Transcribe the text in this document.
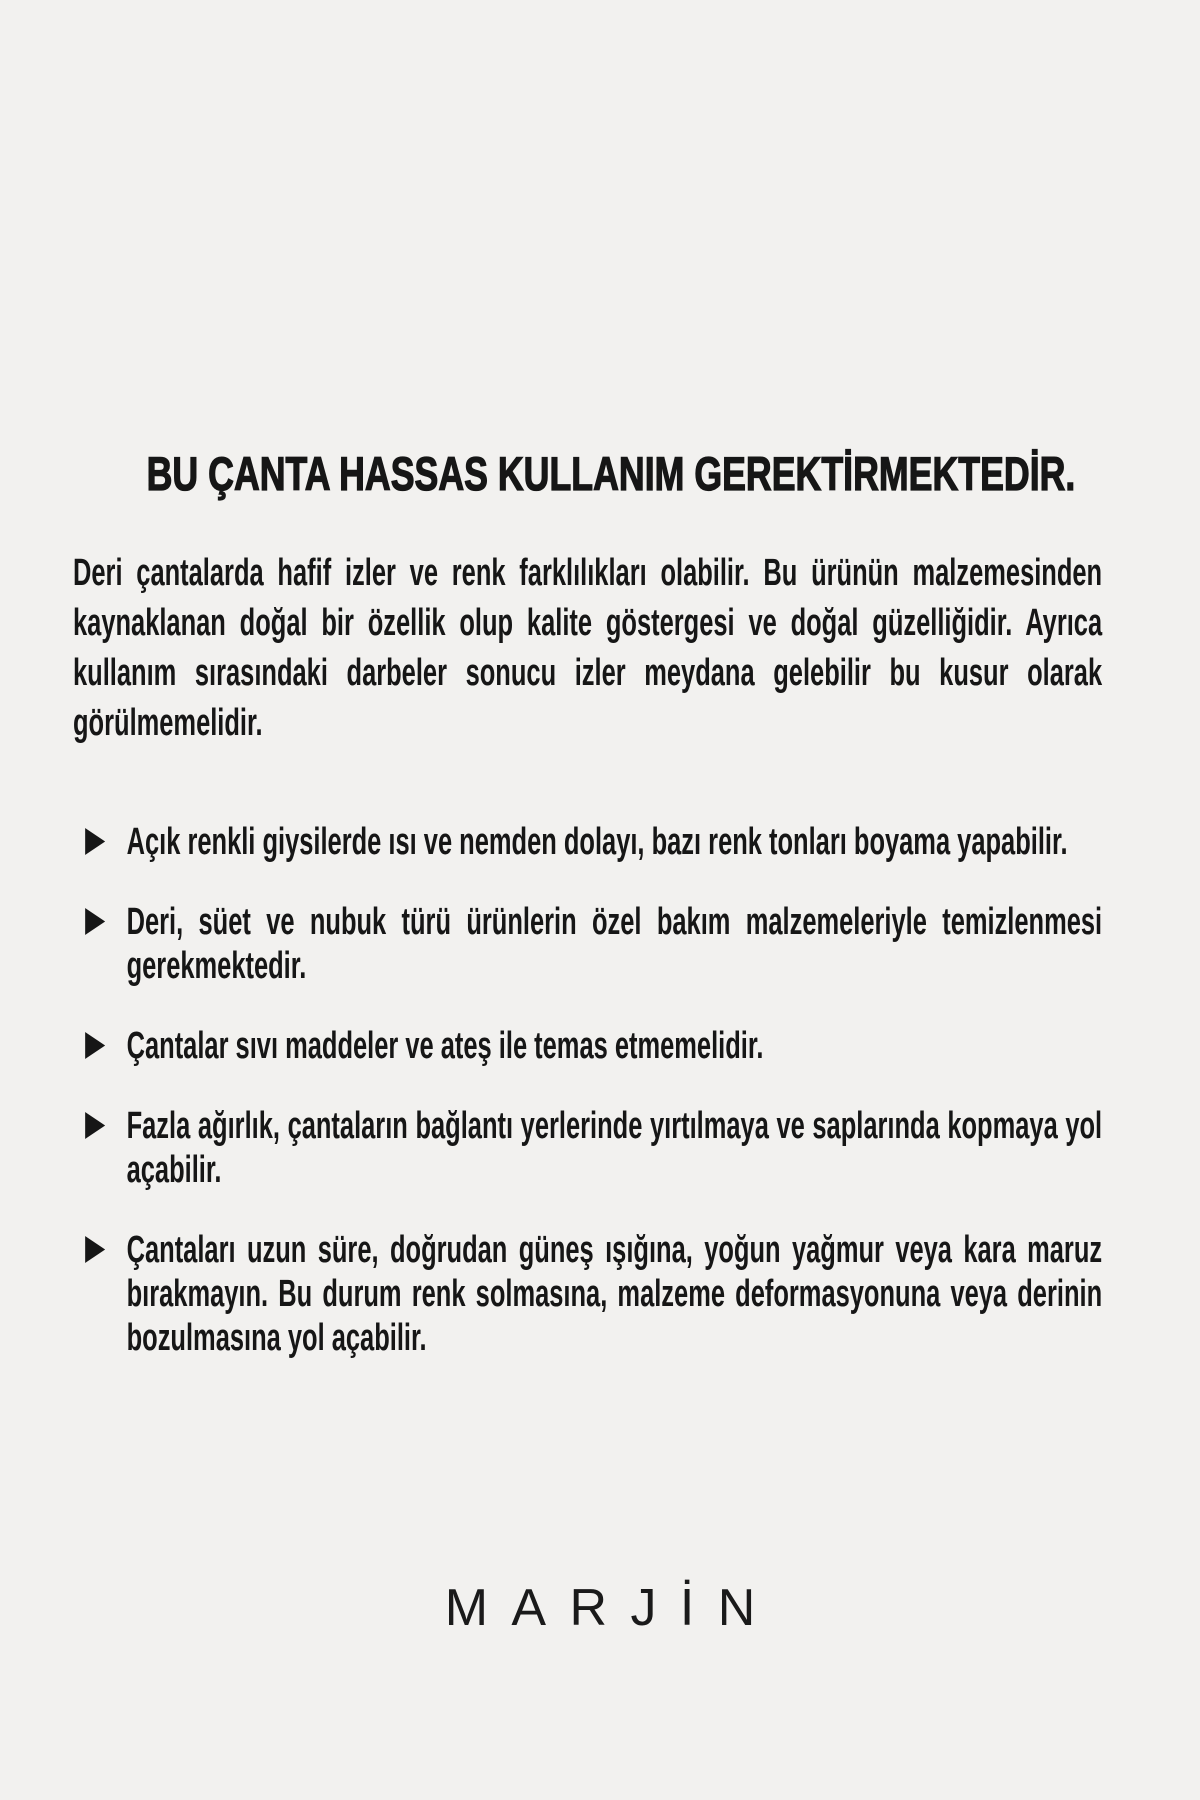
BU ÇANTA HASSAS KULLANIM GEREKTİRMEKTEDİR.

Deri çantalarda hafif izler ve renk farklılıkları olabilir. Bu ürünün malzemesinden kaynaklanan doğal bir özellik olup kalite göstergesi ve doğal güzelliğidir. Ayrıca kullanım sırasındaki darbeler sonucu izler meydana gelebilir bu kusur olarak görülmemelidir.

Açık renkli giysilerde ısı ve nemden dolayı, bazı renk tonları boyama yapabilir.

Deri, süet ve nubuk türü ürünlerin özel bakım malzemeleriyle temizlenmesi gerekmektedir.

Çantalar sıvı maddeler ve ateş ile temas etmemelidir.

Fazla ağırlık, çantaların bağlantı yerlerinde yırtılmaya ve saplarında kopmaya yol açabilir.

Çantaları uzun süre, doğrudan güneş ışığına, yoğun yağmur veya kara maruz bırakmayın. Bu durum renk solmasına, malzeme deformasyonuna veya derinin bozulmasına yol açabilir.

MARJİN
